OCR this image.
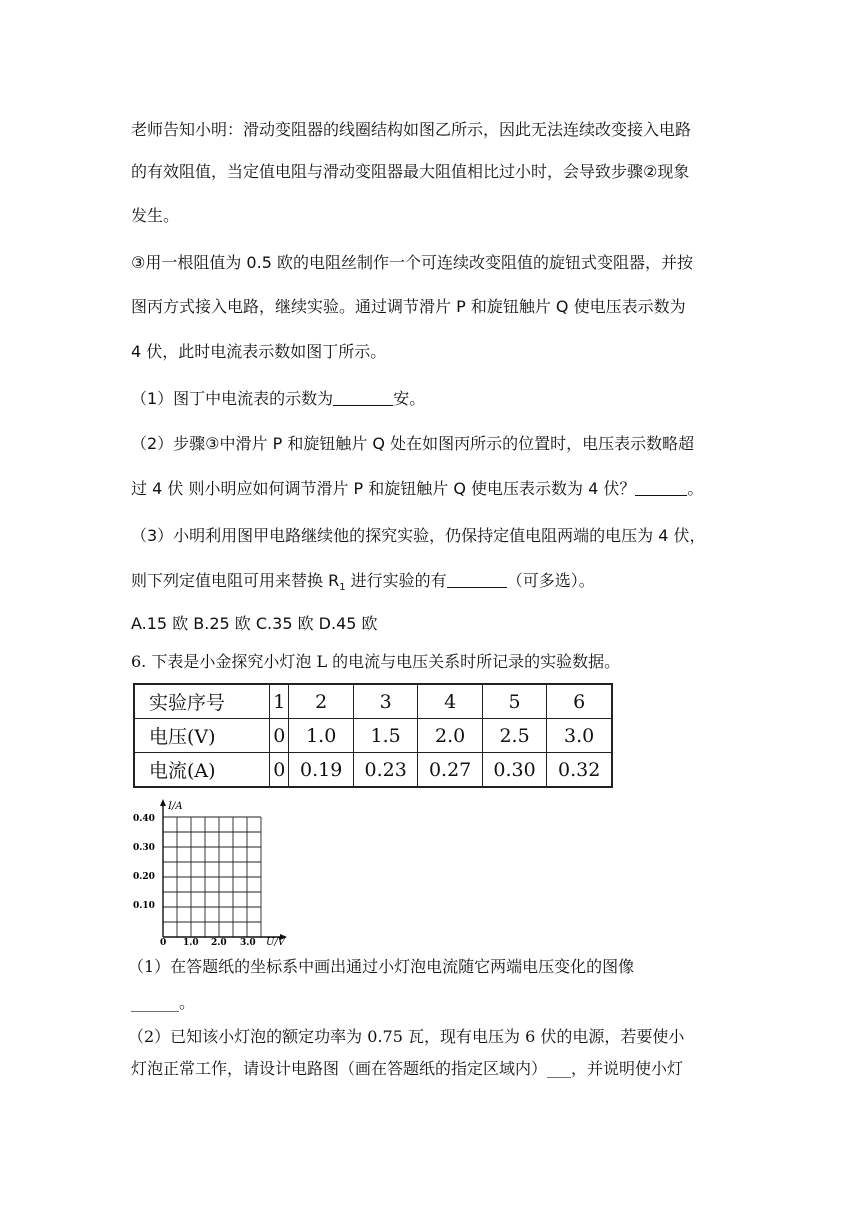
老师告知小明：滑动变阻器的线圈结构如图乙所示，因此无法连续改变接入电路
的有效阻值，当定值电阻与滑动变阻器最大阻值相比过小时，会导致步骤②现象
发生。
③用一根阻值为 0.5 欧的电阻丝制作一个可连续改变阻值的旋钮式变阻器，并按
图丙方式接入电路，继续实验。通过调节滑片 P 和旋钮触片 Q 使电压表示数为
4 伏，此时电流表示数如图丁所示。
（1）图丁中电流表的示数为	安。
（2）步骤③中滑片 P 和旋钮触片 Q 处在如图丙所示的位置时，电压表示数略超
过 4 伏 则小明应如何调节滑片 P 和旋钮触片 Q 使电压表示数为 4 伏？	。
（3）小明利用图甲电路继续他的探究实验，仍保持定值电阻两端的电压为 4 伏，
则下列定值电阻可用来替换 $R_1$ 进行实验的有	（可多选）。
A.15 欧 B.25 欧 C.35 欧 D.45 欧
6. 下表是小金探究小灯泡 L 的电流与电压关系时所记录的实验数据。
实验序号	1	2	3	4	5	6
电压(V)	0	1.0	1.5	2.0	2.5	3.0
电流(A)	0	0.19	0.23	0.27	0.30	0.32
I/A
U/V
0.40
0.30
0.20
0.10
0 1.0 2.0 3.0
（1）在答题纸的坐标系中画出通过小灯泡电流随它两端电压变化的图像
______。
（2）已知该小灯泡的额定功率为 0.75 瓦，现有电压为 6 伏的电源，若要使小
灯泡正常工作，请设计电路图（画在答题纸的指定区域内）___，并说明使小灯
